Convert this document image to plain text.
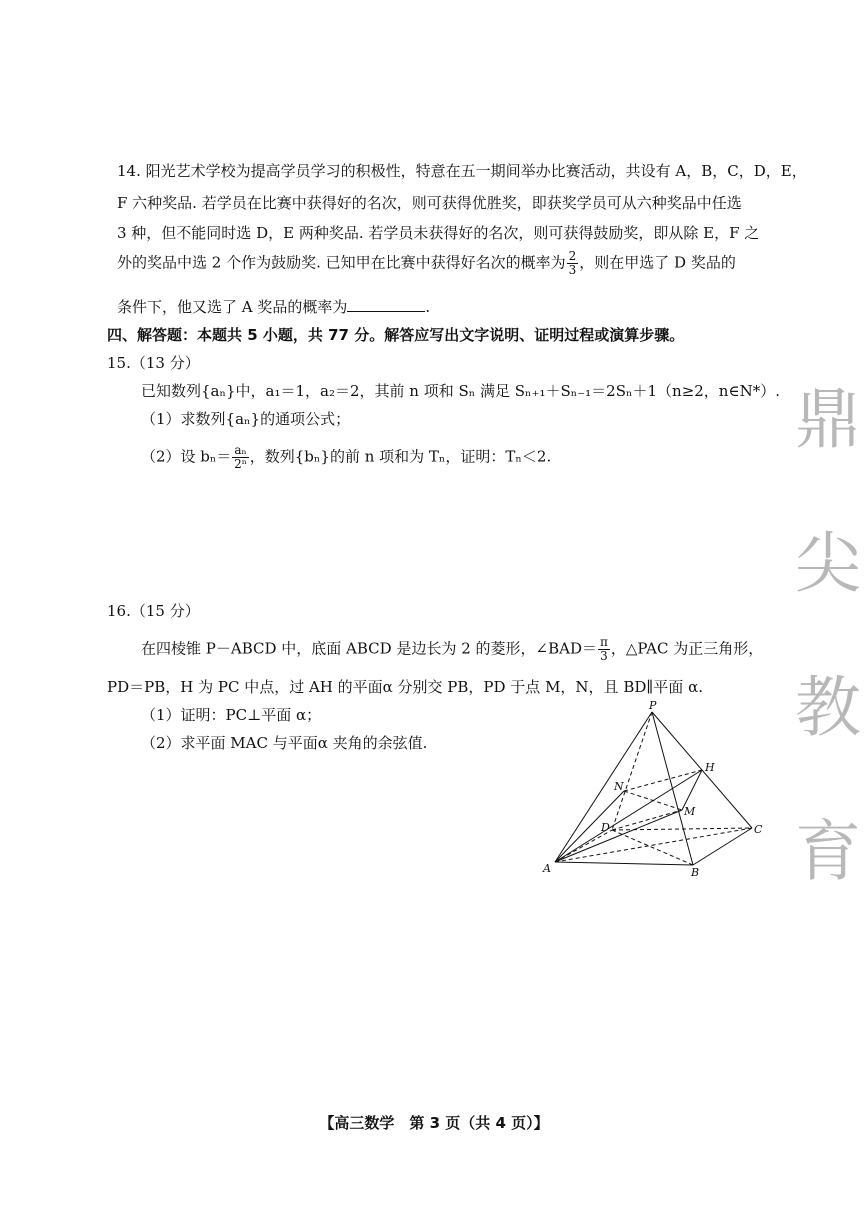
14. 阳光艺术学校为提高学员学习的积极性，特意在五一期间举办比赛活动，共设有 A，B，C，D，E，
F 六种奖品. 若学员在比赛中获得好的名次，则可获得优胜奖，即获奖学员可从六种奖品中任选
3 种，但不能同时选 D，E 两种奖品. 若学员未获得好的名次，则可获得鼓励奖，即从除 E，F 之
外的奖品中选 2 个作为鼓励奖. 已知甲在比赛中获得好名次的概率为 $\frac{2}{3}$ ，则在甲选了 D 奖品的
条件下，他又选了 A 奖品的概率为	.
四、解答题：本题共 5 小题，共 77 分。解答应写出文字说明、证明过程或演算步骤。
15.（13 分）
已知数列{aₙ}中，a₁＝1，a₂＝2，其前 n 项和 Sₙ 满足 Sₙ₊₁＋Sₙ₋₁＝2Sₙ＋1（n≥2，n∈N*）.
（1）求数列{aₙ}的通项公式；
（2）设 $b_n= \frac{\text{aₙ}}{\text{2ⁿ}}$ ，数列{bₙ}的前 n 项和为 Tₙ，证明：Tₙ＜2.
16.（15 分）
在四棱锥 P－ABCD 中，底面 ABCD 是边长为 2 的菱形，∠BAD＝ $\frac{\pi}{3}$ ，△PAC 为正三角形，
PD＝PB，H 为 PC 中点，过 AH 的平面α 分别交 PB，PD 于点 M，N，且 BD∥平面 α.
（1）证明：PC⊥平面 α；
（2）求平面 MAC 与平面α 夹角的余弦值.
P
H
N
M
D	C
A	B
鼎
尖
教
育
【高三数学　第 3 页（共 4 页）】
